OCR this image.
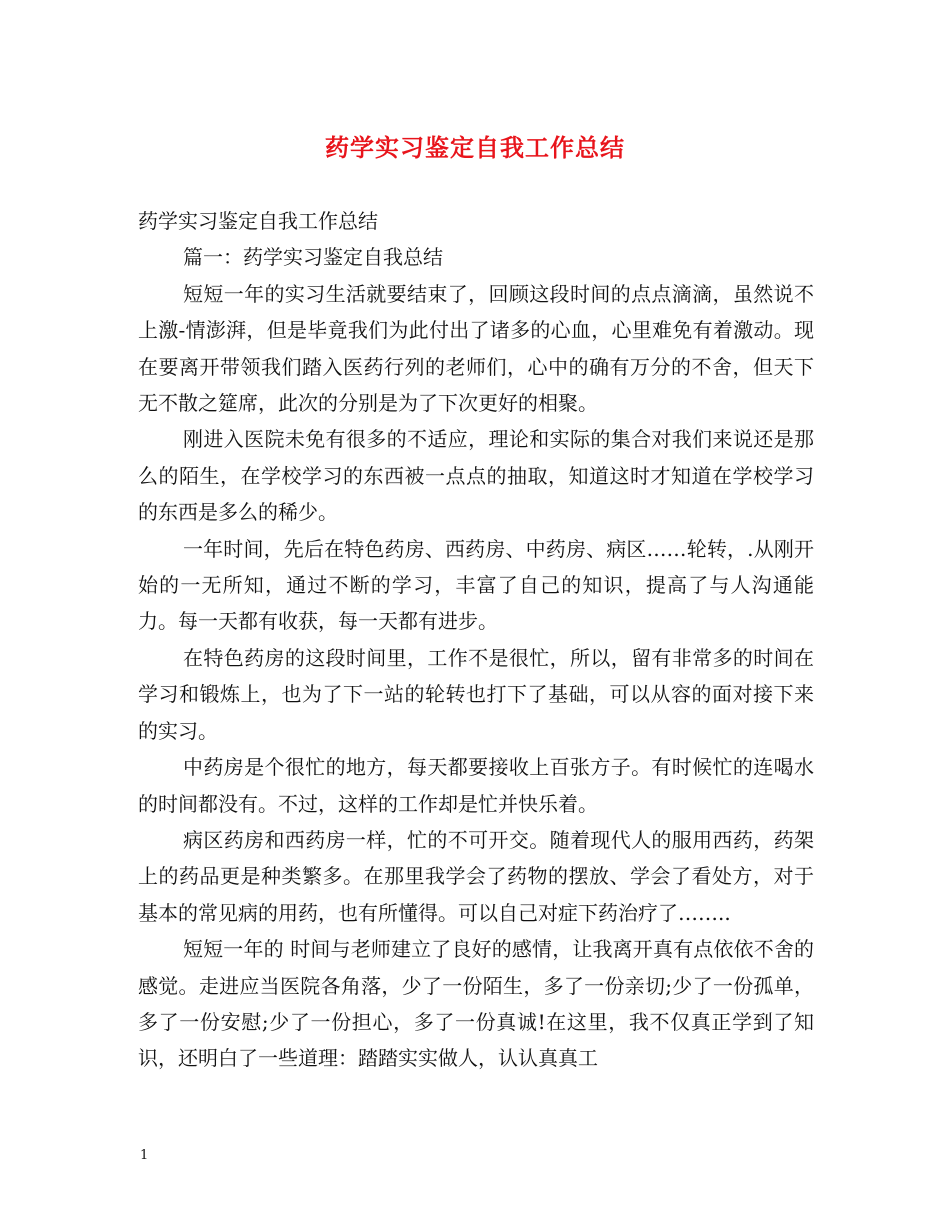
药学实习鉴定自我工作总结

药学实习鉴定自我工作总结

篇一：药学实习鉴定自我总结

短短一年的实习生活就要结束了，回顾这段时间的点点滴滴，虽然说不上激-情澎湃，但是毕竟我们为此付出了诸多的心血，心里难免有着激动。现在要离开带领我们踏入医药行列的老师们，心中的确有万分的不舍，但天下无不散之筵席，此次的分别是为了下次更好的相聚。

刚进入医院未免有很多的不适应，理论和实际的集合对我们来说还是那么的陌生，在学校学习的东西被一点点的抽取，知道这时才知道在学校学习的东西是多么的稀少。

一年时间，先后在特色药房、西药房、中药房、病区……轮转，.从刚开始的一无所知，通过不断的学习，丰富了自己的知识，提高了与人沟通能力。每一天都有收获，每一天都有进步。

在特色药房的这段时间里，工作不是很忙，所以，留有非常多的时间在学习和锻炼上，也为了下一站的轮转也打下了基础，可以从容的面对接下来的实习。

中药房是个很忙的地方，每天都要接收上百张方子。有时候忙的连喝水的时间都没有。不过，这样的工作却是忙并快乐着。

病区药房和西药房一样，忙的不可开交。随着现代人的服用西药，药架上的药品更是种类繁多。在那里我学会了药物的摆放、学会了看处方，对于基本的常见病的用药，也有所懂得。可以自己对症下药治疗了……..

短短一年的 时间与老师建立了良好的感情，让我离开真有点依依不舍的感觉。走进应当医院各角落，少了一份陌生，多了一份亲切;少了一份孤单，多了一份安慰;少了一份担心，多了一份真诚!在这里，我不仅真正学到了知识，还明白了一些道理：踏踏实实做人，认认真真工

1
